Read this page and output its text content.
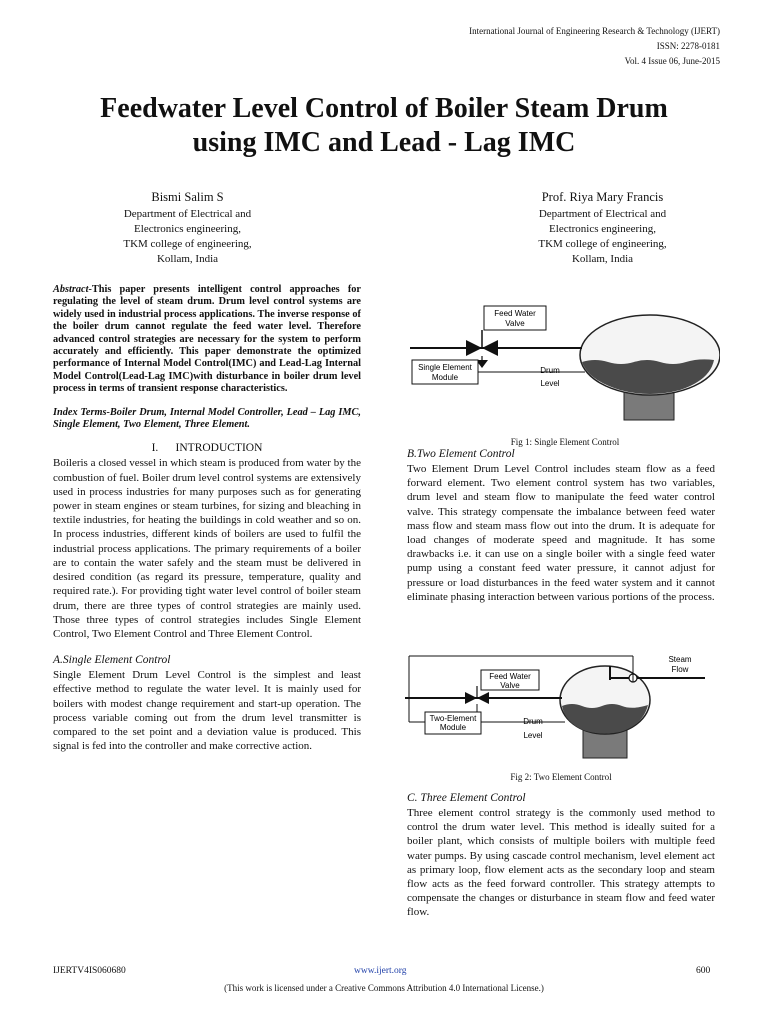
International Journal of Engineering Research & Technology (IJERT)
ISSN: 2278-0181
Vol. 4 Issue 06, June-2015
Feedwater Level Control of Boiler Steam Drum
using IMC and Lead - Lag IMC
Bismi Salim S
Department of Electrical and
Electronics engineering,
TKM college of engineering,
Kollam, India
Prof. Riya Mary Francis
Department of Electrical and
Electronics engineering,
TKM college of engineering,
Kollam, India

Abstract-This paper presents intelligent control approaches for regulating the level of steam drum. Drum level control systems are widely used in industrial process applications. The inverse response of the boiler drum cannot regulate the feed water level. Therefore advanced control strategies are necessary for the system to perform accurately and efficiently. This paper demonstrate the optimized performance of Internal Model Control(IMC) and Lead-Lag Internal Model Control(Lead-Lag IMC)with disturbance in boiler drum level process in terms of transient response characteristics.

Index Terms-Boiler Drum, Internal Model Controller, Lead – Lag IMC, Single Element, Two Element, Three Element.

I.      INTRODUCTION

Boileris a closed vessel in which steam is produced from water by the combustion of fuel. Boiler drum level control systems are extensively used in process industries for many purposes such as for generating power in steam engines or steam turbines, for sizing and bleaching in textile industries, for heating the buildings in cold weather and so on. In process industries, different kinds of boilers are used to fulfil the industrial process applications. The primary requirements of a boiler are to contain the water safely and the steam must be delivered in desired condition (as regard its pressure, temperature, quality and required rate.). For providing tight water level control of boiler steam drum, there are three types of control strategies are mainly used. Those three types of control strategies includes Single Element Control, Two Element Control and Three Element Control.

A.Single Element Control

Single Element Drum Level Control is the simplest and least effective method to regulate the water level. It is mainly used for boilers with modest change requirement and start-up operation. The process variable coming out from the drum level transmitter is compared to the set point and a deviation value is produced. This signal is fed into the controller and make corrective action.

Feed Water
Valve
Single Element
Module
Drum
Level
Fig 1: Single Element Control

B.Two Element Control

Two Element Drum Level Control includes steam flow as a feed forward element. Two element control system has two variables, drum level and steam flow to manipulate the feed water control valve. This strategy compensate the imbalance between feed water mass flow and steam mass flow out into the drum. It is adequate for load changes of moderate speed and magnitude. It has some drawbacks i.e. it can use on a single boiler with a single feed water pump using a constant feed water pressure, it cannot adjust for pressure or load disturbances in the feed water system and it cannot eliminate phasing interaction between various portions of the process.

Steam
Flow
Feed Water
Valve
Two-Element
Module
Drum
Level
Fig 2: Two Element Control

C. Three Element Control

Three element control strategy is the commonly used method to control the drum water level. This method is ideally suited for a boiler plant, which consists of multiple boilers with multiple feed water pumps. By using cascade control mechanism, level element act as primary loop, flow element acts as the secondary loop and steam flow acts as the feed forward controller. This strategy attempts to compensate the changes or disturbance in steam flow and feed water flow.

IJERTV4IS060680	www.ijert.org	600
(This work is licensed under a Creative Commons Attribution 4.0 International License.)
